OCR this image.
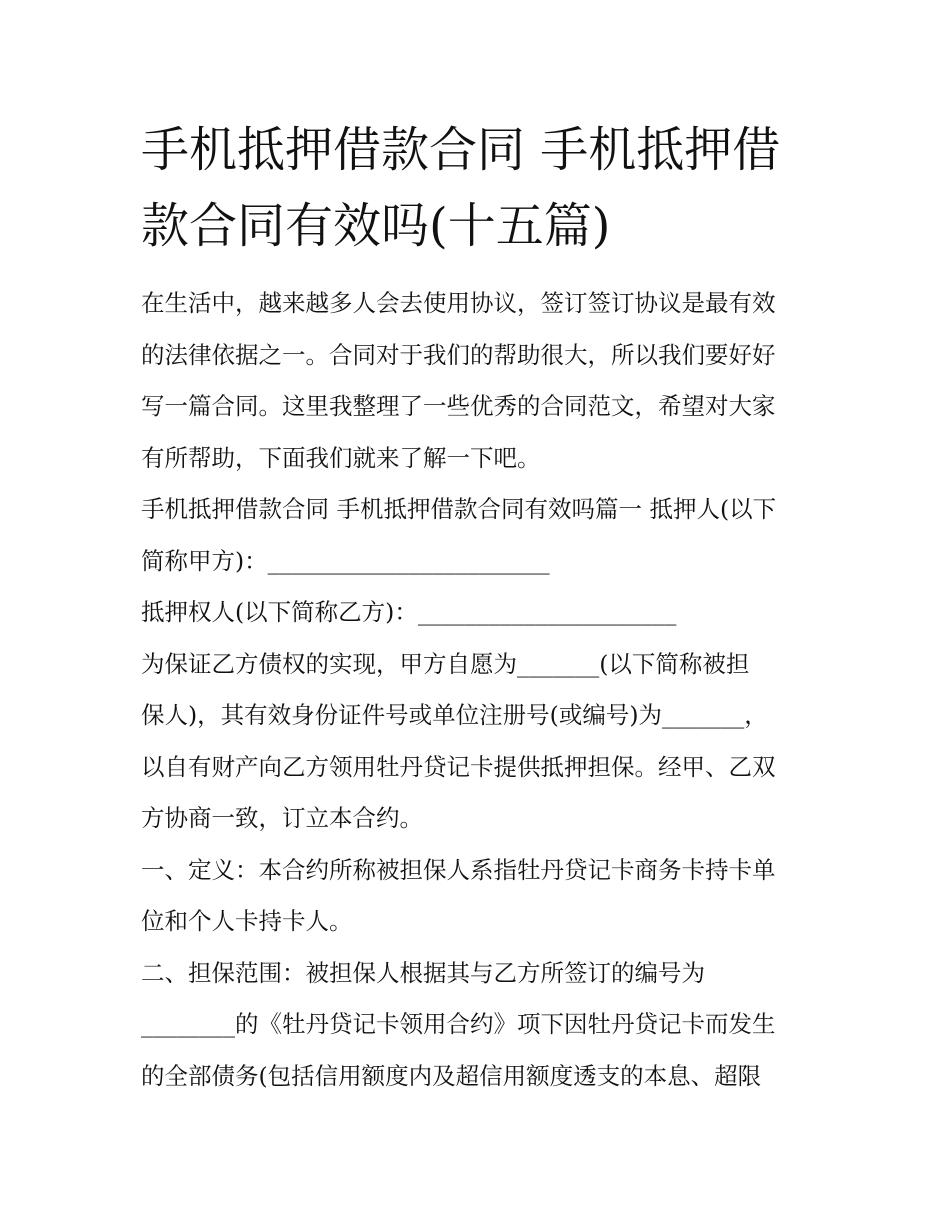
手机抵押借款合同 手机抵押借
款合同有效吗(十五篇)

在生活中，越来越多人会去使用协议，签订签订协议是最有效
的法律依据之一。合同对于我们的帮助很大，所以我们要好好
写一篇合同。这里我整理了一些优秀的合同范文，希望对大家
有所帮助，下面我们就来了解一下吧。

手机抵押借款合同 手机抵押借款合同有效吗篇一 抵押人(以下
简称甲方)：________________________

抵押权人(以下简称乙方)：______________________

为保证乙方债权的实现，甲方自愿为_______(以下简称被担
保人)，其有效身份证件号或单位注册号(或编号)为_______，
以自有财产向乙方领用牡丹贷记卡提供抵押担保。经甲、乙双
方协商一致，订立本合约。

一、定义：本合约所称被担保人系指牡丹贷记卡商务卡持卡单
位和个人卡持卡人。

二、担保范围：被担保人根据其与乙方所签订的编号为
________的《牡丹贷记卡领用合约》项下因牡丹贷记卡而发生
的全部债务(包括信用额度内及超信用额度透支的本息、超限
